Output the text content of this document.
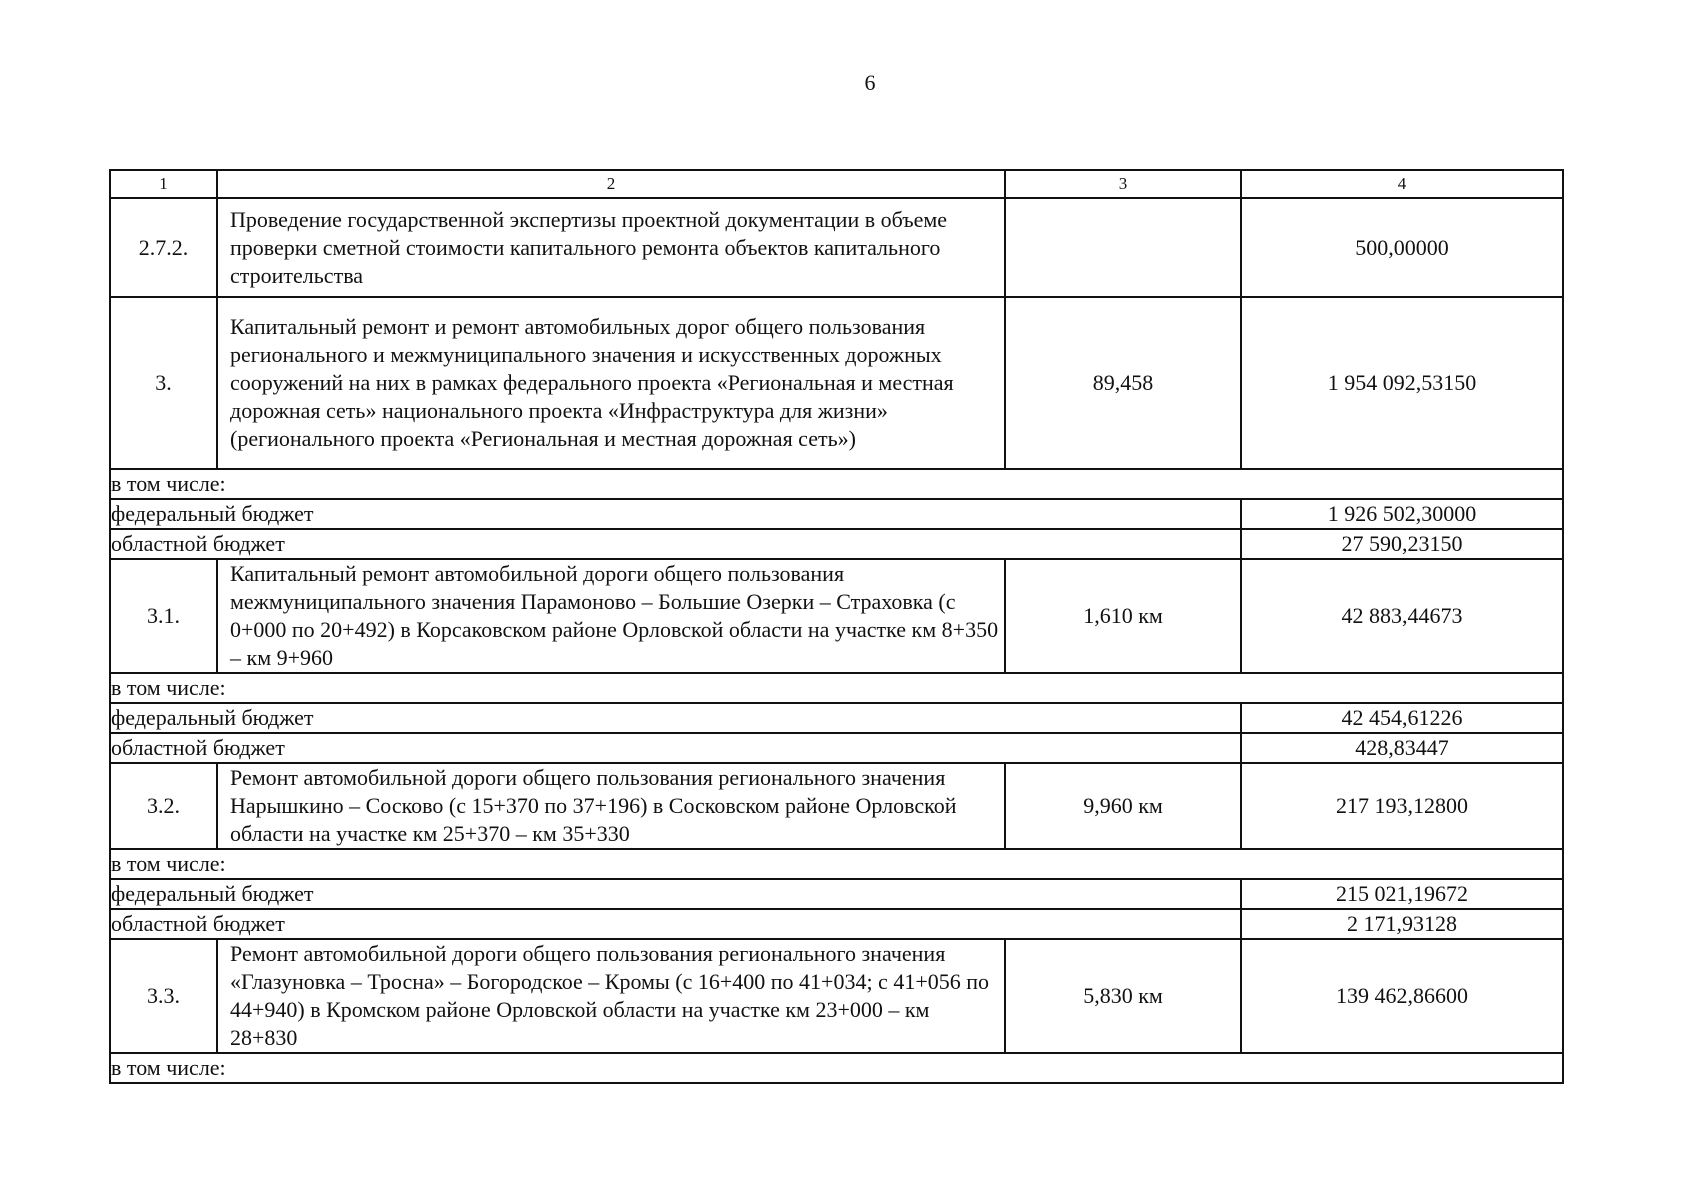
6
1	2	3	4
2.7.2.	Проведение государственной экспертизы проектной документации в объеме проверки сметной стоимости капитального ремонта объектов капитального строительства		500,00000
3.	Капитальный ремонт и ремонт автомобильных дорог общего пользования регионального и межмуниципального значения и искусственных дорожных сооружений на них в рамках федерального проекта «Региональная и местная дорожная сеть» национального проекта «Инфраструктура для жизни» (регионального проекта «Региональная и местная дорожная сеть»)	89,458	1 954 092,53150
в том числе:			
федеральный бюджет			1 926 502,30000
областной бюджет			27 590,23150
3.1.	Капитальный ремонт автомобильной дороги общего пользования межмуниципального значения Парамоново – Большие Озерки – Страховка (с 0+000 по 20+492) в Корсаковском районе Орловской области на участке км 8+350 – км 9+960	1,610 км	42 883,44673
в том числе:			
федеральный бюджет			42 454,61226
областной бюджет			428,83447
3.2.	Ремонт автомобильной дороги общего пользования регионального значения Нарышкино – Сосково (с 15+370 по 37+196) в Сосковском районе Орловской области на участке км 25+370 – км 35+330	9,960 км	217 193,12800
в том числе:			
федеральный бюджет			215 021,19672
областной бюджет			2 171,93128
3.3.	Ремонт автомобильной дороги общего пользования регионального значения «Глазуновка – Тросна» – Богородское – Кромы (с 16+400 по 41+034; с 41+056 по 44+940) в Кромском районе Орловской области на участке км 23+000 – км 28+830	5,830 км	139 462,86600
в том числе:			
